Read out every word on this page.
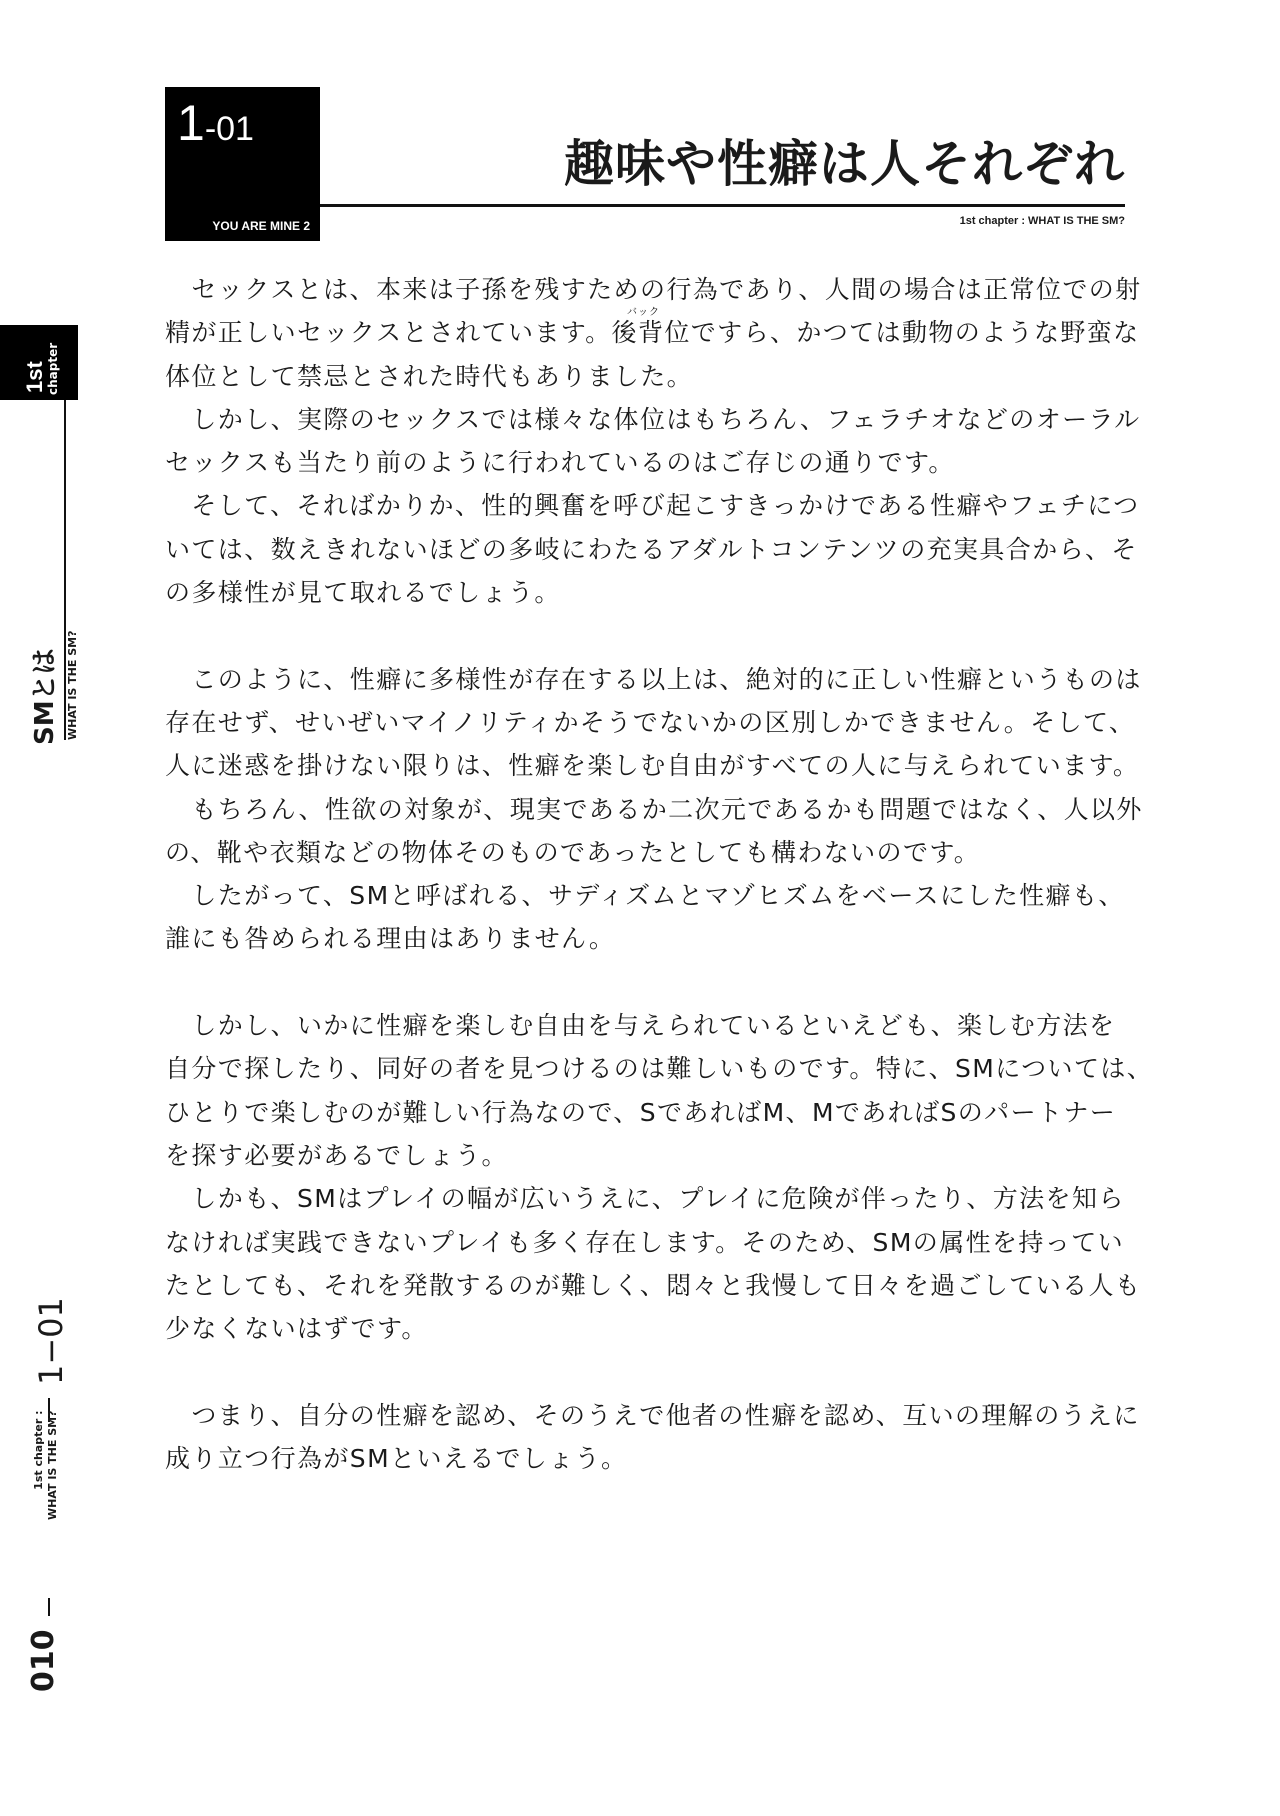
1-01
YOU ARE MINE 2
趣味や性癖は人それぞれ
1st chapter : WHAT IS THE SM?
1st chapter
SMとは WHAT IS THE SM?
1−01
1st chapter : WHAT IS THE SM?
010
　セックスとは、本来は子孫を残すための行為であり、人間の場合は正常位での射
精が正しいセックスとされています。後背位ですら、かつては動物のような野蛮な
体位として禁忌とされた時代もありました。
　しかし、実際のセックスでは様々な体位はもちろん、フェラチオなどのオーラル
セックスも当たり前のように行われているのはご存じの通りです。
　そして、そればかりか、性的興奮を呼び起こすきっかけである性癖やフェチにつ
いては、数えきれないほどの多岐にわたるアダルトコンテンツの充実具合から、そ
の多様性が見て取れるでしょう。
　このように、性癖に多様性が存在する以上は、絶対的に正しい性癖というものは
存在せず、せいぜいマイノリティかそうでないかの区別しかできません。そして、
人に迷惑を掛けない限りは、性癖を楽しむ自由がすべての人に与えられています。
　もちろん、性欲の対象が、現実であるか二次元であるかも問題ではなく、人以外
の、靴や衣類などの物体そのものであったとしても構わないのです。
　したがって、SMと呼ばれる、サディズムとマゾヒズムをベースにした性癖も、
誰にも咎められる理由はありません。
　しかし、いかに性癖を楽しむ自由を与えられているといえども、楽しむ方法を
自分で探したり、同好の者を見つけるのは難しいものです。特に、SMについては、
ひとりで楽しむのが難しい行為なので、SであればM、MであればSのパートナー
を探す必要があるでしょう。
　しかも、SMはプレイの幅が広いうえに、プレイに危険が伴ったり、方法を知ら
なければ実践できないプレイも多く存在します。そのため、SMの属性を持ってい
たとしても、それを発散するのが難しく、悶々と我慢して日々を過ごしている人も
少なくないはずです。
　つまり、自分の性癖を認め、そのうえで他者の性癖を認め、互いの理解のうえに
成り立つ行為がSMといえるでしょう。
バック
